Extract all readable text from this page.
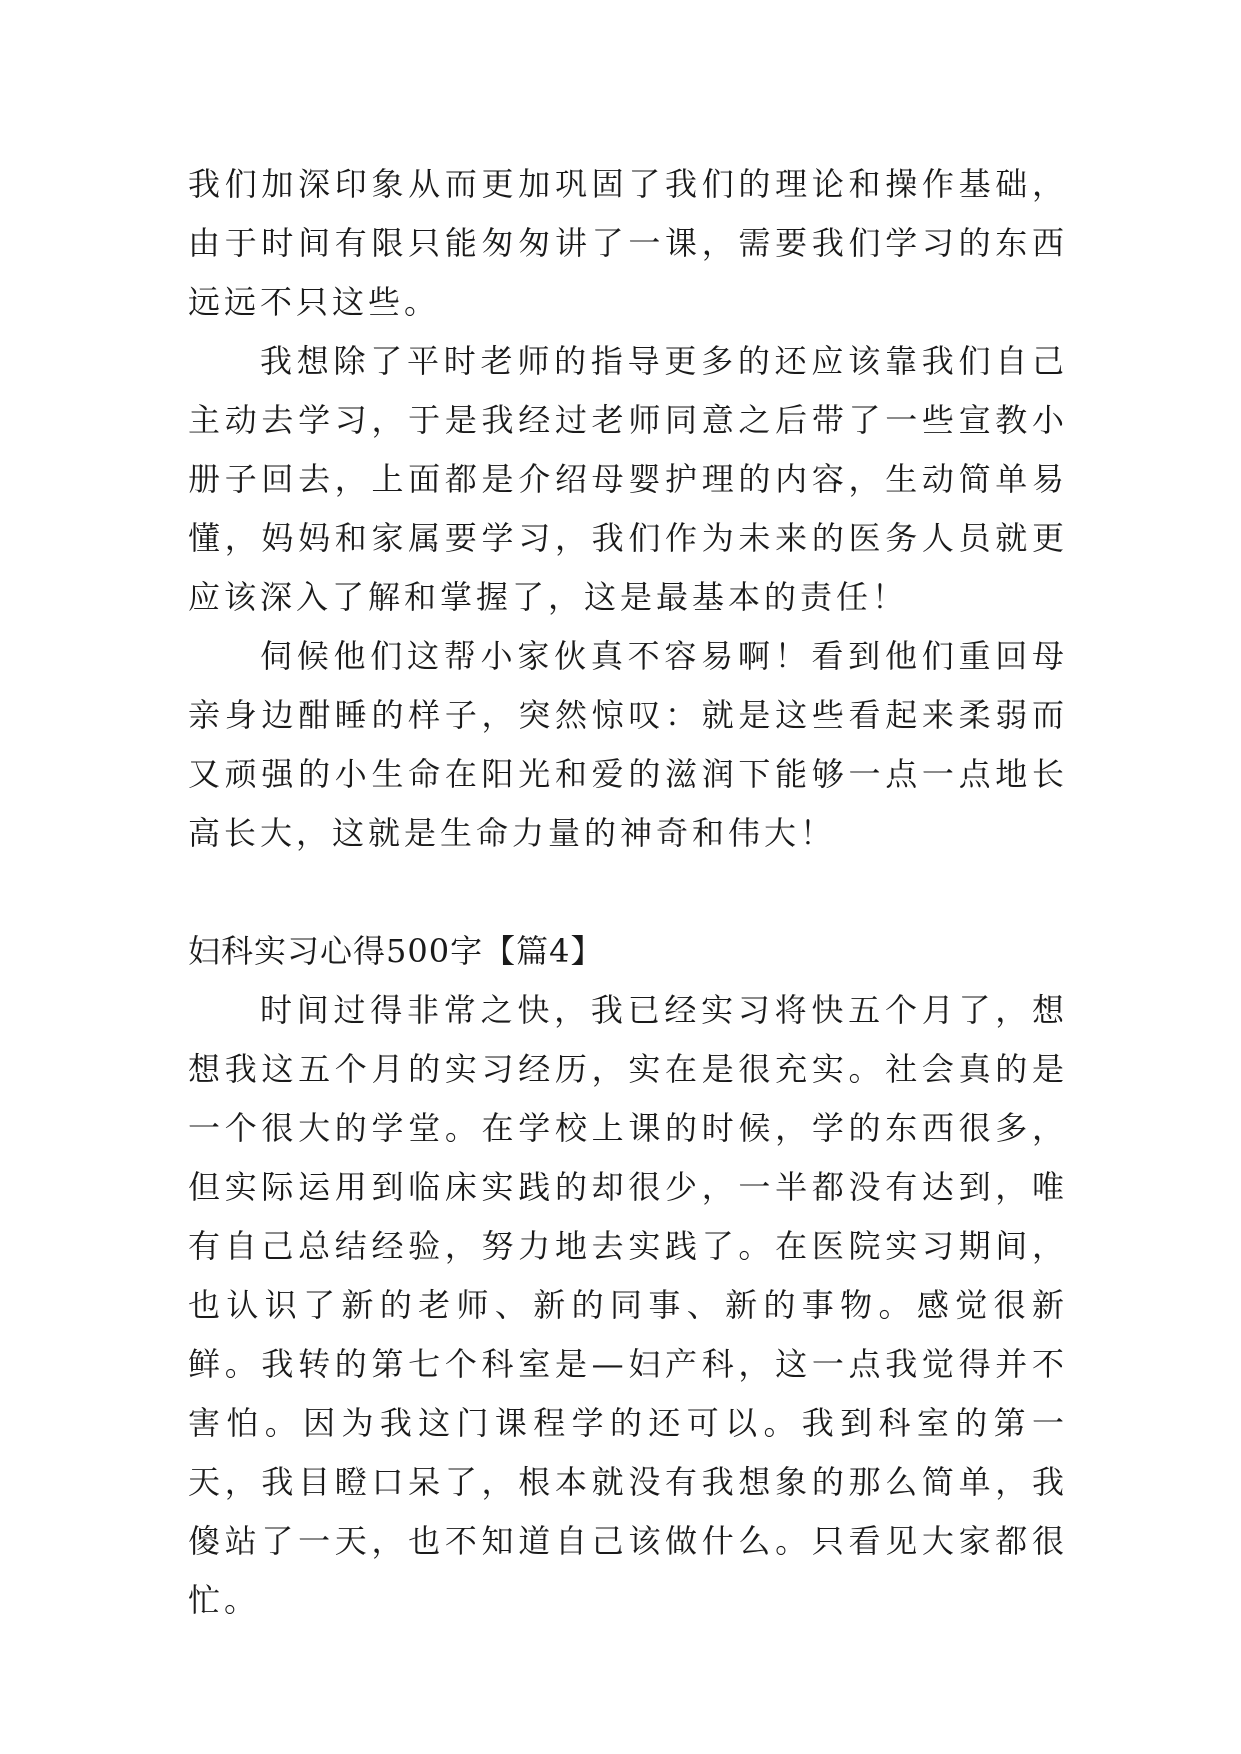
我们加深印象从而更加巩固了我们的理论和操作基础，由于时间有限只能匆匆讲了一课，需要我们学习的东西远远不只这些。

我想除了平时老师的指导更多的还应该靠我们自己主动去学习，于是我经过老师同意之后带了一些宣教小册子回去，上面都是介绍母婴护理的内容，生动简单易懂，妈妈和家属要学习，我们作为未来的医务人员就更应该深入了解和掌握了，这是最基本的责任！

伺候他们这帮小家伙真不容易啊！看到他们重回母亲身边酣睡的样子，突然惊叹：就是这些看起来柔弱而又顽强的小生命在阳光和爱的滋润下能够一点一点地长高长大，这就是生命力量的神奇和伟大！

妇科实习心得500字【篇4】

时间过得非常之快，我已经实习将快五个月了，想想我这五个月的实习经历，实在是很充实。社会真的是一个很大的学堂。在学校上课的时候，学的东西很多，但实际运用到临床实践的却很少，一半都没有达到，唯有自己总结经验，努力地去实践了。在医院实习期间，也认识了新的老师、新的同事、新的事物。感觉很新鲜。我转的第七个科室是—妇产科，这一点我觉得并不害怕。因为我这门课程学的还可以。我到科室的第一天，我目瞪口呆了，根本就没有我想象的那么简单，我傻站了一天，也不知道自己该做什么。只看见大家都很忙。
